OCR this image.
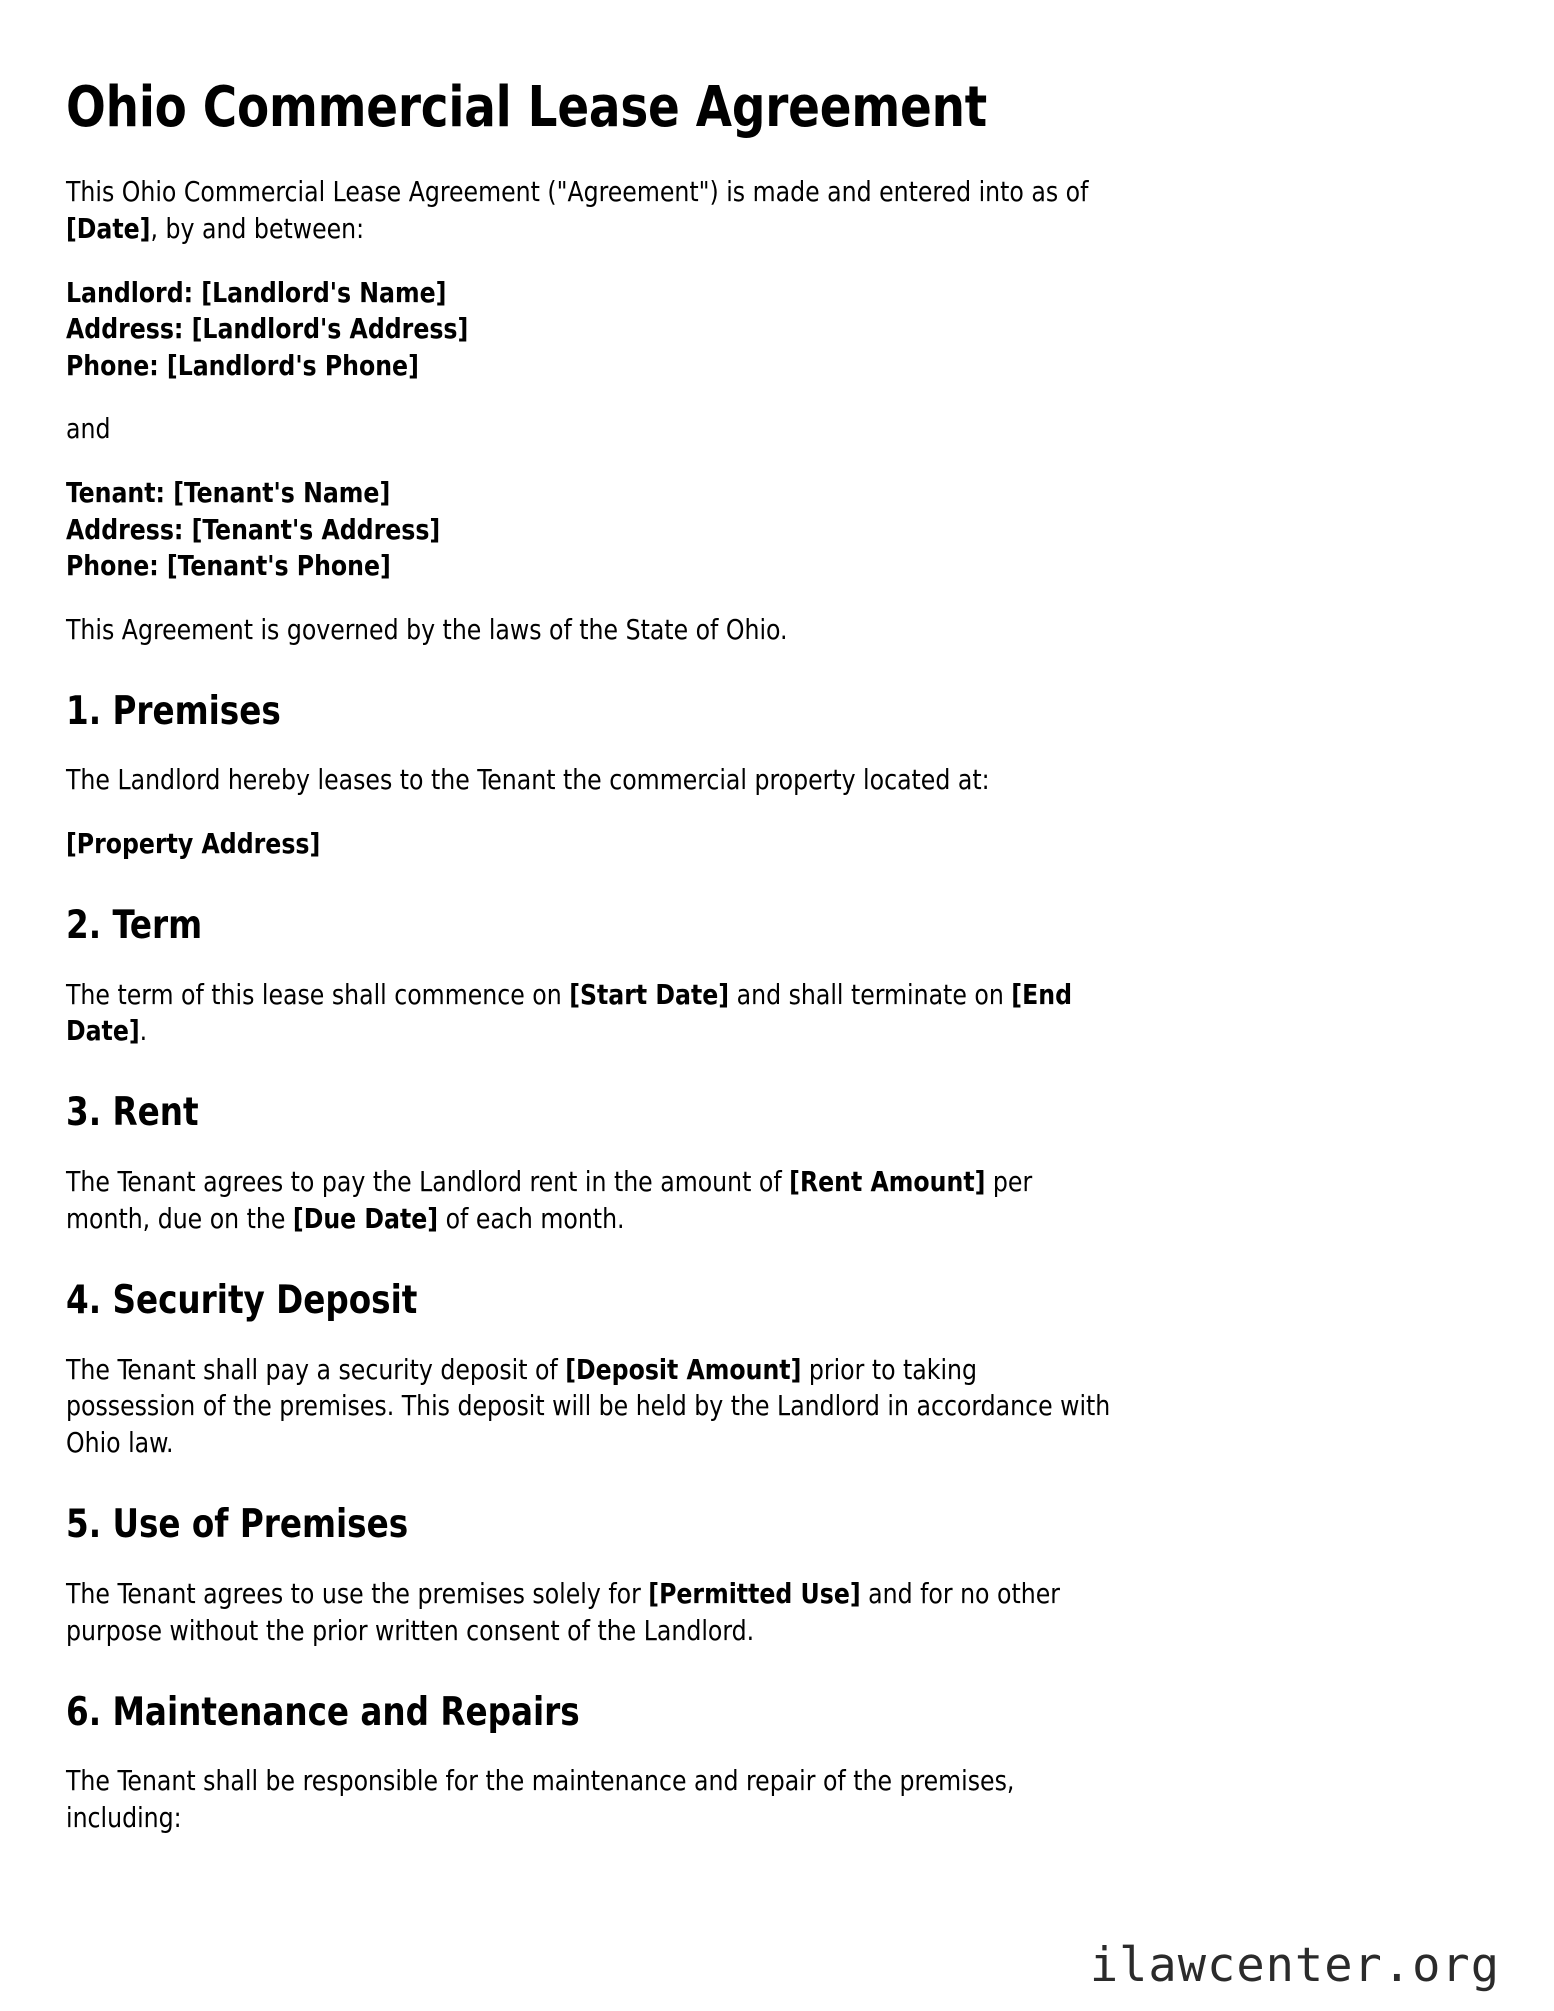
Ohio Commercial Lease Agreement

This Ohio Commercial Lease Agreement ("Agreement") is made and entered into as of [Date], by and between:

Landlord: [Landlord's Name]
Address: [Landlord's Address]
Phone: [Landlord's Phone]

and

Tenant: [Tenant's Name]
Address: [Tenant's Address]
Phone: [Tenant's Phone]

This Agreement is governed by the laws of the State of Ohio.

1. Premises

The Landlord hereby leases to the Tenant the commercial property located at:

[Property Address]
2. Term

The term of this lease shall commence on [Start Date] and shall terminate on [End Date].

3. Rent

The Tenant agrees to pay the Landlord rent in the amount of [Rent Amount] per month, due on the [Due Date] of each month.

4. Security Deposit

The Tenant shall pay a security deposit of [Deposit Amount] prior to taking possession of the premises. This deposit will be held by the Landlord in accordance with Ohio law.

5. Use of Premises

The Tenant agrees to use the premises solely for [Permitted Use] and for no other purpose without the prior written consent of the Landlord.

6. Maintenance and Repairs

The Tenant shall be responsible for the maintenance and repair of the premises, including:

ilawcenter.org
